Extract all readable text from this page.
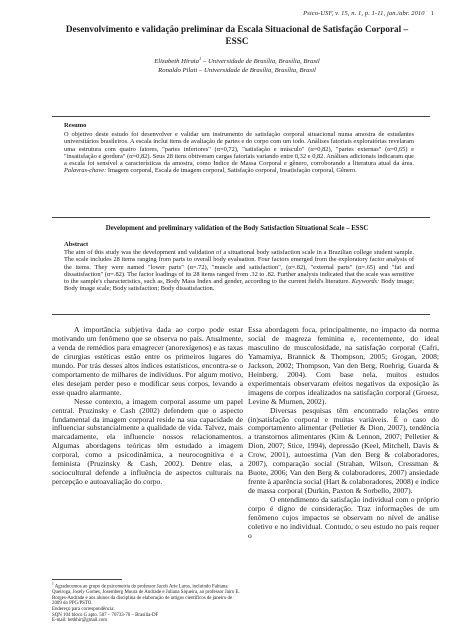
Psico-USF, v. 15, n. 1, p. 1-11, jan./abr. 2010 1
Desenvolvimento e validação preliminar da Escala Situacional de Satisfação Corporal – ESSC
Elizabeth Hirata$^1$ – Universidade de Brasília, Brasília, Brasil
Ronaldo Pilati – Universidade de Brasília, Brasília, Brasil
Resumo
O objetivo deste estudo foi desenvolver e validar um instrumento de satisfação corporal situacional numa amostra de estudantes universitários brasileiros. A escala inclui itens de avaliação de partes e do corpo com um todo. Análises fatoriais exploratórias revelaram uma estrutura com quatro fatores, "partes inferiores" (α=0,72), "satisfação e músculo" (α=0,82), "partes externas" (α=0,65) e "insatisfação e gordura" (α=0,82). Seus 28 itens obtiveram cargas fatoriais variando entre 0,32 e 0,82. Análises adicionais indicaram que a escala foi sensível a características da amostra, como Índice de Massa Corporal e gênero, corroborando a literatura atual da área. Palavras-chave: Imagem corporal, Escala de imagem corporal, Satisfação corporal, Insatisfação corporal, Gênero.
Development and preliminary validation of the Body Satisfaction Situational Scale – ESSC
Abstract
The aim of this study was the development and validation of a situational body satisfaction scale in a Brazilian college student sample. The scale includes 28 items ranging from parts to overall body evaluation. Four factors emerged from the exploratory factor analysis of the items. They were named "lower parts" (α=.72), "muscle and satisfaction", (α=.82), "external parts" (α=.65) and "fat and dissatisfaction" (α=.82). The factor loadings of its 28 items ranged from .32 to .82. Further analysis indicated that the scale was sensitive to the sample's characteristics, such as, Body Mass Index and gender, according to the current field's literature. Keywords: Body image; Body image scale; Body satisfaction; Body dissatisfaction.

A importância subjetiva dada ao corpo pode estar motivando um fenômeno que se observa no país. Atualmente, a venda de remédios para emagrecer (anorexígenos) e as taxas de cirurgias estéticas estão entre os primeiros lugares do mundo. Por trás desses altos índices estatísticos, encontra-se o comportamento de milhares de indivíduos. Por algum motivo, eles desejam perder peso e modificar seus corpos, levando a esse quadro alarmante.

Nesse contexto, a imagem corporal assume um papel central. Pruzinsky e Cash (2002) defendem que o aspecto fundamental da imagem corporal reside na sua capacidade de influenciar substancialmente a qualidade de vida. Talvez, mais marcadamente, ela influencie nossos relacionamentos. Algumas abordagens teóricas têm estudado a imagem corporal, como a psicodinâmica, a neurocognitiva e a feminista (Pruzinsky & Cash, 2002). Dentre elas, a sociocultural defende a influência de aspectos culturais na percepção e autoavaliação do corpo.

Essa abordagem foca, principalmente, no impacto da norma social de magreza feminina e, recentemente, do ideal masculino de musculosidade, na satisfação corporal (Cafri, Yamamiya, Brannick & Thompson, 2005; Grogan, 2008; Jackson, 2002; Thompson, Van den Berg, Roehrig, Guarda & Heinberg, 2004). Com base nela, muitos estudos experimentais observaram efeitos negativos da exposição às imagens de corpos idealizados na satisfação corporal (Groesz, Levine & Murnen, 2002).

Diversas pesquisas têm encontrado relações entre (in)satisfação corporal e muitas variáveis. É o caso do comportamento alimentar (Pelletier & Dion, 2007), tendência a transtornos alimentares (Kim & Lennon, 2007; Pelletier & Dion, 2007; Stice, 1994), depressão (Keel, Mitchell, Davis & Crow, 2001), autoestima (Van den Berg & colaboradores, 2007), comparação social (Strahan, Wilson, Cressman & Buote, 2006; Van den Berg & colaboradores, 2007) ansiedade frente à aparência social (Hart & colaboradores, 2008) e índice de massa corporal (Durkin, Paxton & Sorbello, 2007).

O entendimento da satisfação individual com o próprio corpo é digno de consideração. Traz informações de um fenômeno cujos impactos se observam no nível de análise coletivo e no individual. Contudo, o seu estudo no país requer o

$^1$ Agradecemos ao grupo de psicometria do professor Jacob Arie Laros, incluindo Fabiana Queiroga, Josely Gomes, Josemberg Moura de Andrade e Juliana Siqueira, ao professor Jairo E. Borges-Andrade e aos alunos da disciplina de elaboração de artigos científicos de janeiro de 2009 do PPG/PSTO.
Endereço para correspondência:
SQN 104 bloco G apto. 507 – 70733-70 – Brasília-DF
E-mail: bethhir@gmail.com
